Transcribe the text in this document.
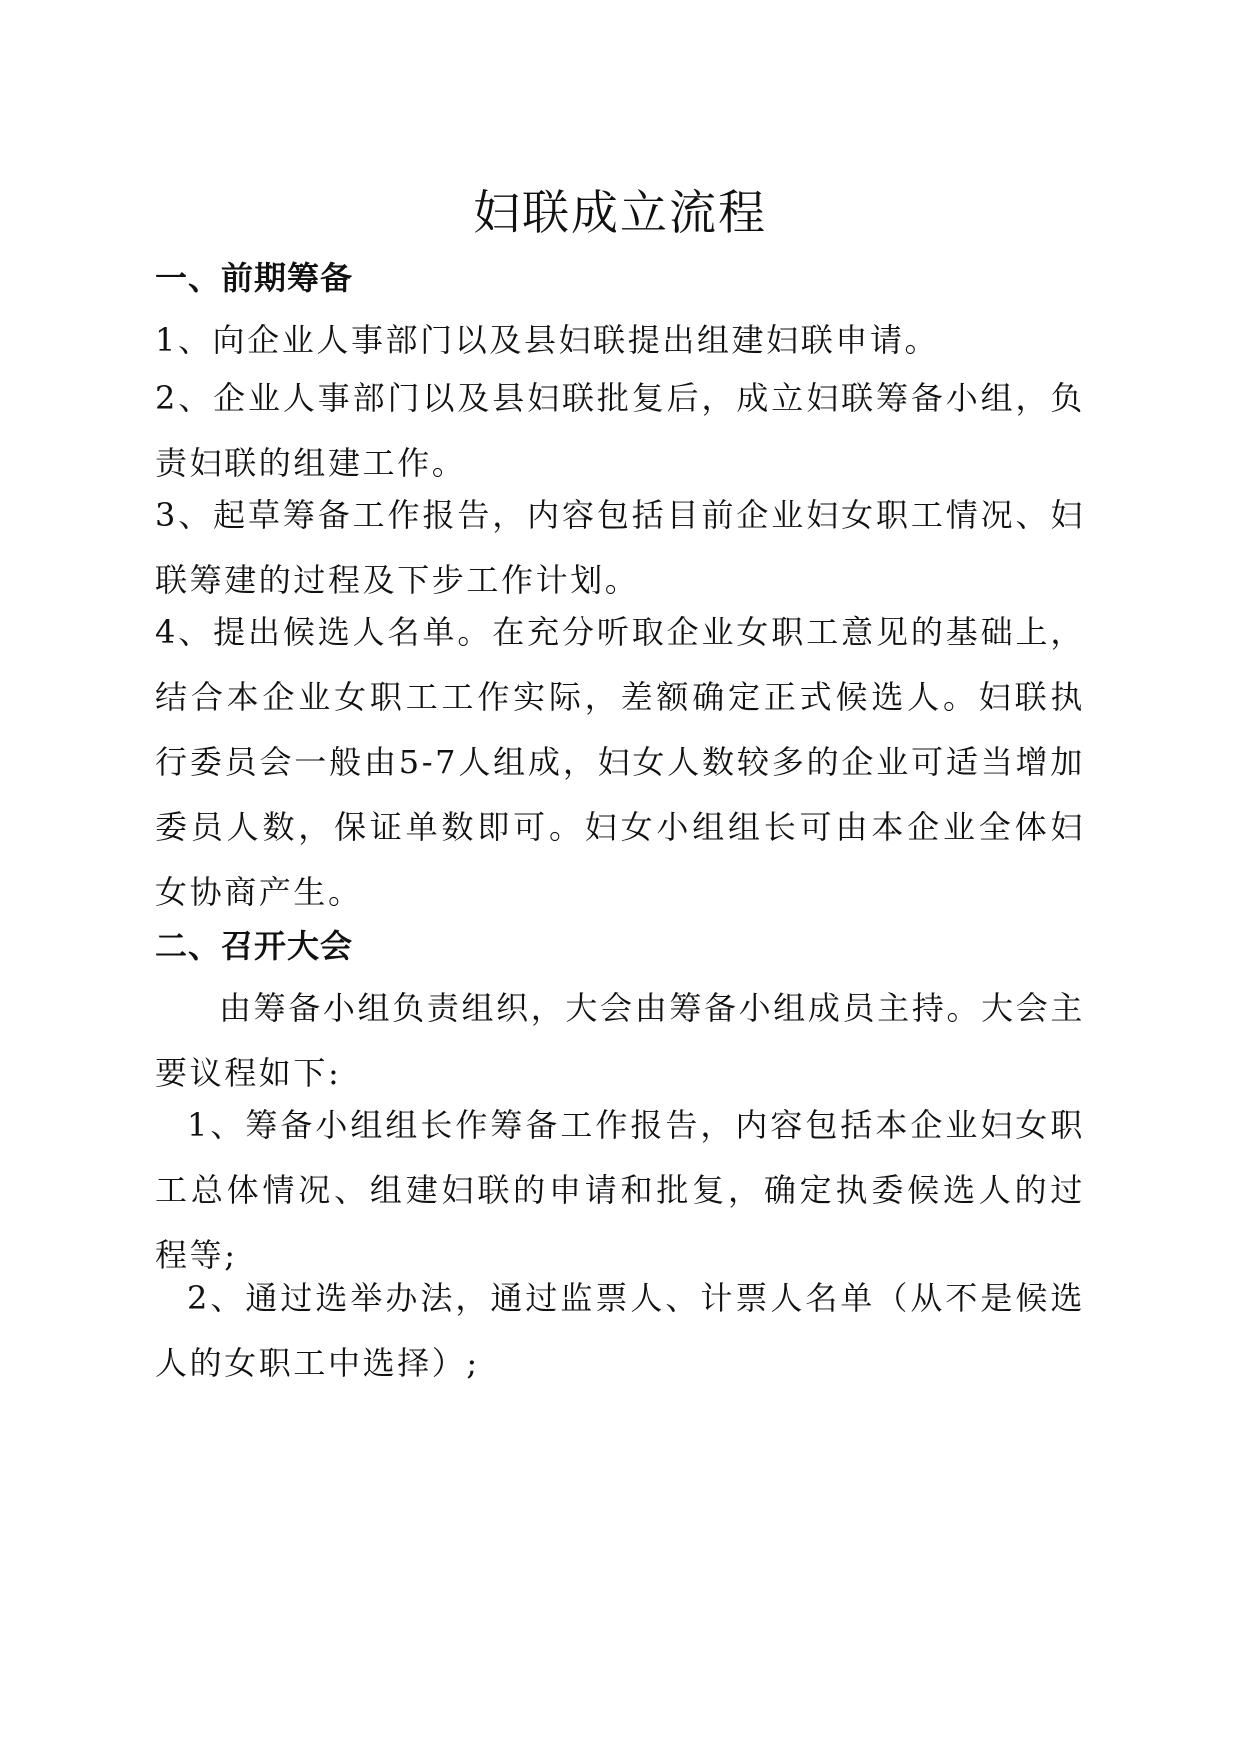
妇联成立流程
一、前期筹备

1、向企业人事部门以及县妇联提出组建妇联申请。

2、企业人事部门以及县妇联批复后，成立妇联筹备小组，负责妇联的组建工作。

3、起草筹备工作报告，内容包括目前企业妇女职工情况、妇联筹建的过程及下步工作计划。

4、提出候选人名单。在充分听取企业女职工意见的基础上，结合本企业女职工工作实际，差额确定正式候选人。妇联执行委员会一般由5-7人组成，妇女人数较多的企业可适当增加委员人数，保证单数即可。妇女小组组长可由本企业全体妇女协商产生。

二、召开大会

由筹备小组负责组织，大会由筹备小组成员主持。大会主要议程如下:

1、筹备小组组长作筹备工作报告，内容包括本企业妇女职工总体情况、组建妇联的申请和批复，确定执委候选人的过程等;

2、通过选举办法，通过监票人、计票人名单（从不是候选人的女职工中选择）;
